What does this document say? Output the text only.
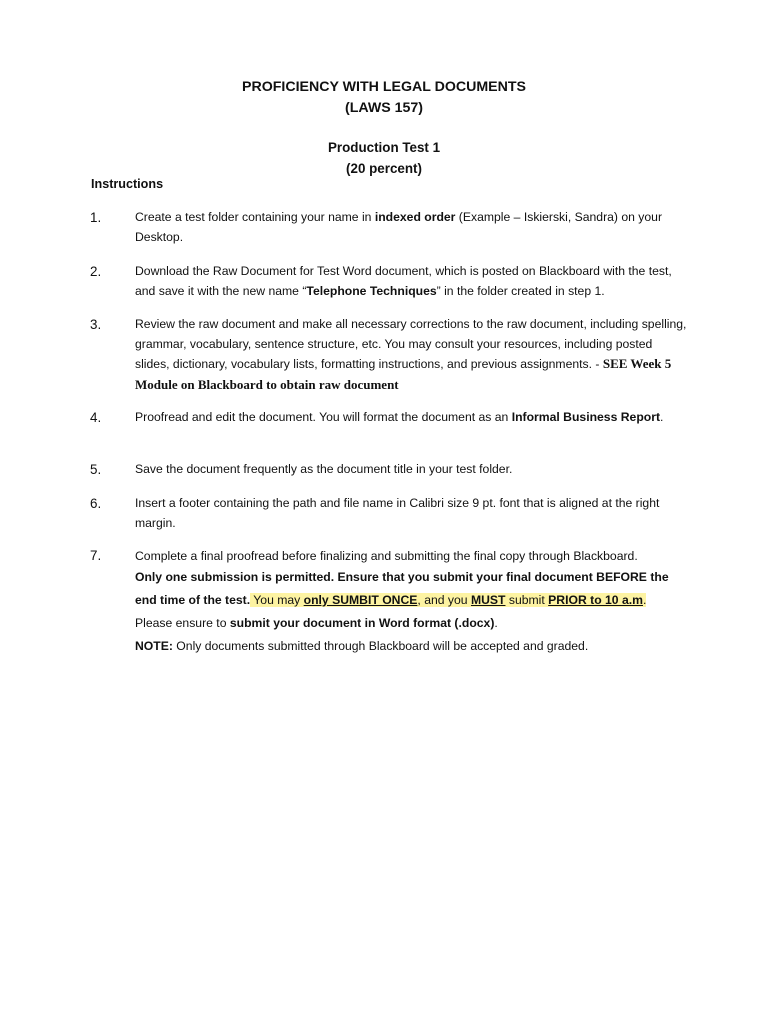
PROFICIENCY WITH LEGAL DOCUMENTS
(LAWS 157)
Production Test 1
(20 percent)
Instructions
1.	Create a test folder containing your name in indexed order (Example – Iskierski, Sandra) on your Desktop.
2.	Download the Raw Document for Test Word document, which is posted on Blackboard with the test, and save it with the new name “Telephone Techniques” in the folder created in step 1.
3.	Review the raw document and make all necessary corrections to the raw document, including spelling, grammar, vocabulary, sentence structure, etc. You may consult your resources, including posted slides, dictionary, vocabulary lists, formatting instructions, and previous assignments. - SEE Week 5 Module on Blackboard to obtain raw document
4.	Proofread and edit the document. You will format the document as an Informal Business Report.
5.	Save the document frequently as the document title in your test folder.
6.	Insert a footer containing the path and file name in Calibri size 9 pt. font that is aligned at the right margin.
7.	Complete a final proofread before finalizing and submitting the final copy through Blackboard.
Only one submission is permitted. Ensure that you submit your final document BEFORE the
end time of the test. You may only SUMBIT ONCE, and you MUST submit PRIOR to 10 a.m.
Please ensure to submit your document in Word format (.docx).
NOTE: Only documents submitted through Blackboard will be accepted and graded.
